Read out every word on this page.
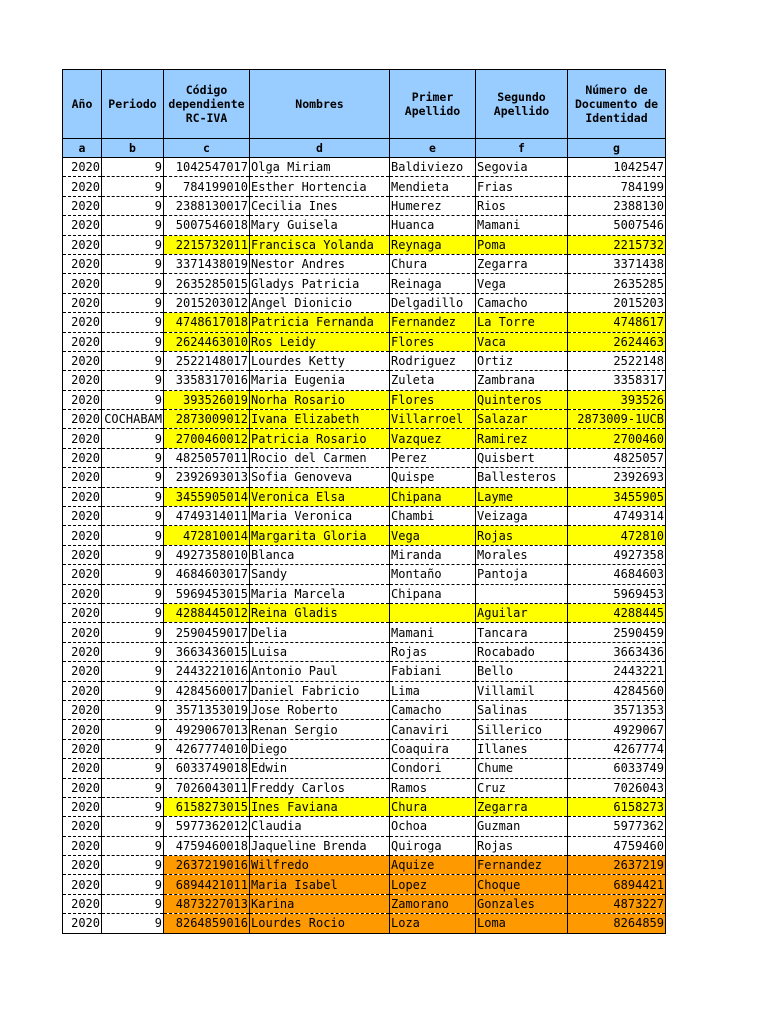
Año	Periodo	Código dependiente RC-IVA	Nombres	Primer Apellido	Segundo Apellido	Número de Documento de Identidad
a	b	c	d	e	f	g
2020	9	1042547017	Olga Miriam	Baldiviezo	Segovia	1042547
2020	9	784199010	Esther Hortencia	Mendieta	Frias	784199
2020	9	2388130017	Cecilia Ines	Humerez	Rios	2388130
2020	9	5007546018	Mary Guisela	Huanca	Mamani	5007546
2020	9	2215732011	Francisca Yolanda	Reynaga	Poma	2215732
2020	9	3371438019	Nestor Andres	Chura	Zegarra	3371438
2020	9	2635285015	Gladys Patricia	Reinaga	Vega	2635285
2020	9	2015203012	Angel Dionicio	Delgadillo	Camacho	2015203
2020	9	4748617018	Patricia Fernanda	Fernandez	La Torre	4748617
2020	9	2624463010	Ros Leidy	Flores	Vaca	2624463
2020	9	2522148017	Lourdes Ketty	Rodriguez	Ortiz	2522148
2020	9	3358317016	Maria Eugenia	Zuleta	Zambrana	3358317
2020	9	393526019	Norha Rosario	Flores	Quinteros	393526
2020	COCHABAM	2873009012	Ivana Elizabeth	Villarroel	Salazar	2873009-1UCB
2020	9	2700460012	Patricia Rosario	Vazquez	Ramirez	2700460
2020	9	4825057011	Rocio del Carmen	Perez	Quisbert	4825057
2020	9	2392693013	Sofia Genoveva	Quispe	Ballesteros	2392693
2020	9	3455905014	Veronica Elsa	Chipana	Layme	3455905
2020	9	4749314011	Maria Veronica	Chambi	Veizaga	4749314
2020	9	472810014	Margarita Gloria	Vega	Rojas	472810
2020	9	4927358010	Blanca	Miranda	Morales	4927358
2020	9	4684603017	Sandy	Montaño	Pantoja	4684603
2020	9	5969453015	Maria Marcela	Chipana		5969453
2020	9	4288445012	Reina Gladis		Aguilar	4288445
2020	9	2590459017	Delia	Mamani	Tancara	2590459
2020	9	3663436015	Luisa	Rojas	Rocabado	3663436
2020	9	2443221016	Antonio Paul	Fabiani	Bello	2443221
2020	9	4284560017	Daniel Fabricio	Lima	Villamil	4284560
2020	9	3571353019	Jose Roberto	Camacho	Salinas	3571353
2020	9	4929067013	Renan Sergio	Canaviri	Sillerico	4929067
2020	9	4267774010	Diego	Coaquira	Illanes	4267774
2020	9	6033749018	Edwin	Condori	Chume	6033749
2020	9	7026043011	Freddy Carlos	Ramos	Cruz	7026043
2020	9	6158273015	Ines Faviana	Chura	Zegarra	6158273
2020	9	5977362012	Claudia	Ochoa	Guzman	5977362
2020	9	4759460018	Jaqueline Brenda	Quiroga	Rojas	4759460
2020	9	2637219016	Wilfredo	Aquize	Fernandez	2637219
2020	9	6894421011	Maria Isabel	Lopez	Choque	6894421
2020	9	4873227013	Karina	Zamorano	Gonzales	4873227
2020	9	8264859016	Lourdes Rocio	Loza	Loma	8264859
